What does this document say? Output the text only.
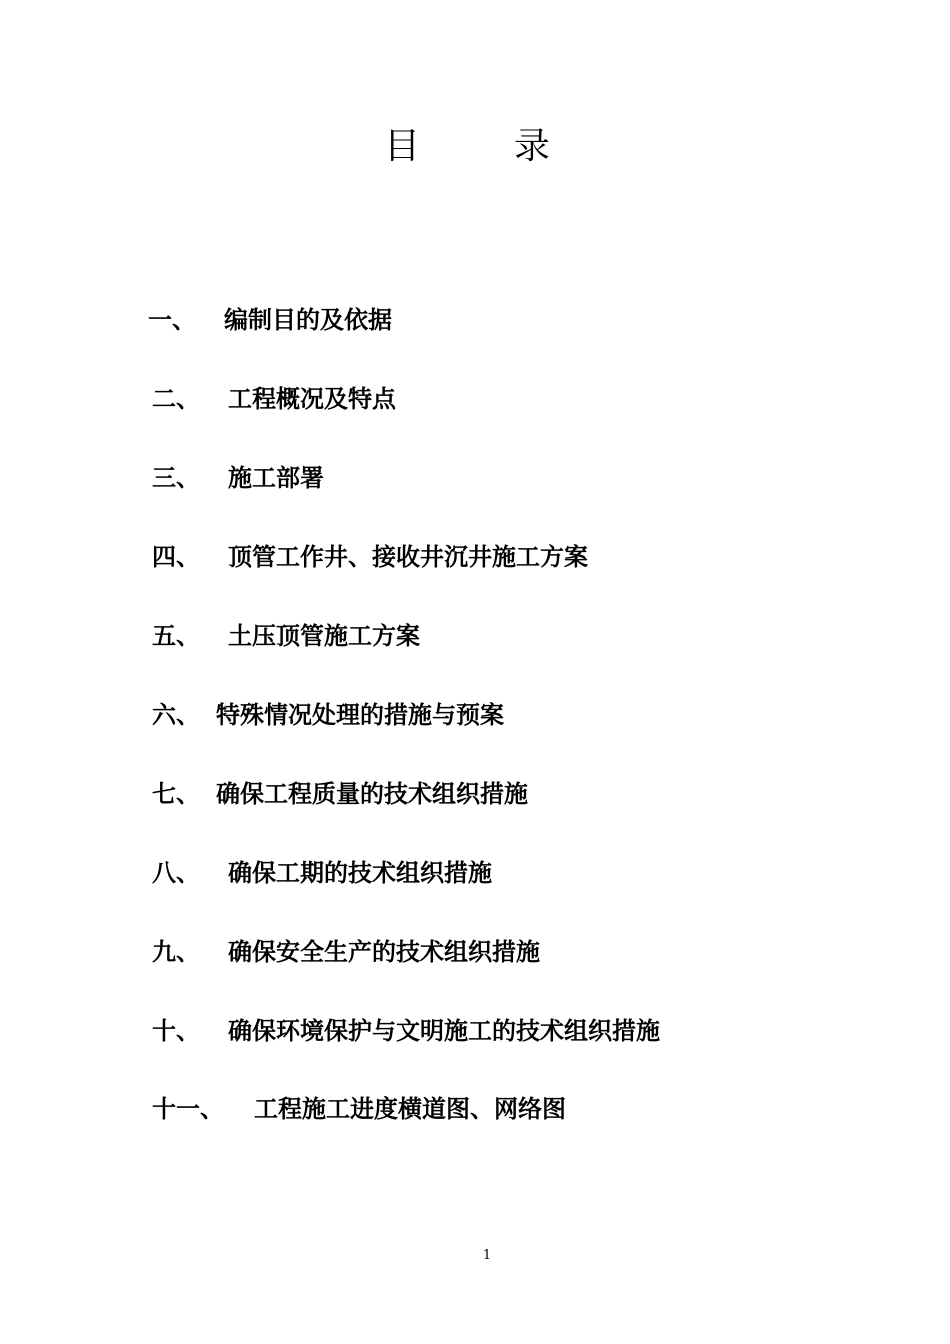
目	录
一、 编制目的及依据
二、 工程概况及特点
三、 施工部署
四、 顶管工作井、接收井沉井施工方案
五、 土压顶管施工方案
六、 特殊情况处理的措施与预案
七、 确保工程质量的技术组织措施
八、 确保工期的技术组织措施
九、 确保安全生产的技术组织措施
十、 确保环境保护与文明施工的技术组织措施
十一、 工程施工进度横道图、网络图
1
